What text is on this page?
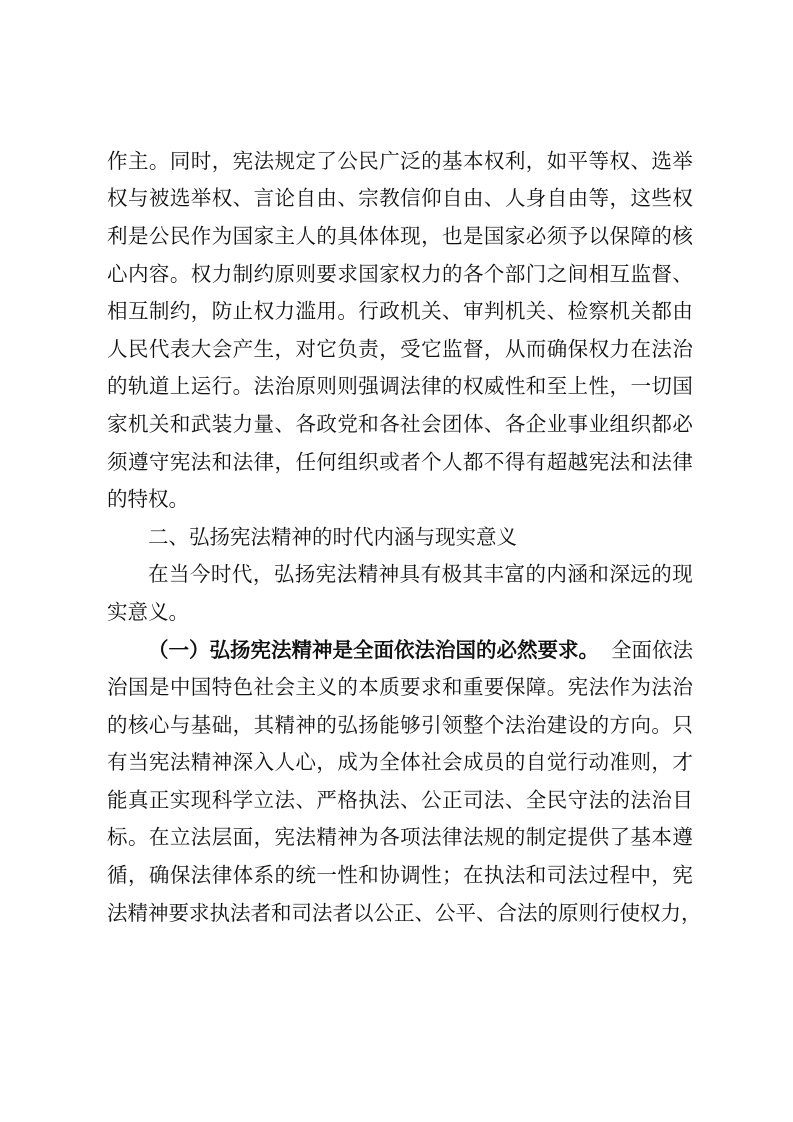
作 主 。 同 时 ， 宪 法 规 定 了 公 民 广 泛 的 基 本 权 利 ， 如 平 等 权 、 选 举
权 与 被 选 举 权 、 言 论 自 由 、 宗 教 信 仰 自 由 、 人 身 自 由 等 ， 这 些 权
利 是 公 民 作 为 国 家 主 人 的 具 体 体 现 ， 也 是 国 家 必 须 予 以 保 障 的 核
心 内 容 。 权 力 制 约 原 则 要 求 国 家 权 力 的 各 个 部 门 之 间 相 互 监 督 、
相 互 制 约 ， 防 止 权 力 滥 用 。 行 政 机 关 、 审 判 机 关 、 检 察 机 关 都 由
人 民 代 表 大 会 产 生 ， 对 它 负 责 ， 受 它 监 督 ， 从 而 确 保 权 力 在 法 治
的 轨 道 上 运 行 。 法 治 原 则 则 强 调 法 律 的 权 威 性 和 至 上 性 ， 一 切 国
家 机 关 和 武 装 力 量 、 各 政 党 和 各 社 会 团 体 、 各 企 业 事 业 组 织 都 必
须 遵 守 宪 法 和 法 律 ， 任 何 组 织 或 者 个 人 都 不 得 有 超 越 宪 法 和 法 律
的特权。
二、弘扬宪法精神的时代内涵与现实意义
在 当 今 时 代 ， 弘 扬 宪 法 精 神 具 有 极 其 丰 富 的 内 涵 和 深 远 的 现
实意义。
（一）弘扬宪法精神是全面依法治国的必然要求。 全面依法
治 国 是 中 国 特 色 社 会 主 义 的 本 质 要 求 和 重 要 保 障 。 宪 法 作 为 法 治
的 核 心 与 基 础 ， 其 精 神 的 弘 扬 能 够 引 领 整 个 法 治 建 设 的 方 向 。 只
有 当 宪 法 精 神 深 入 人 心 ， 成 为 全 体 社 会 成 员 的 自 觉 行 动 准 则 ， 才
能 真 正 实 现 科 学 立 法 、 严 格 执 法 、 公 正 司 法 、 全 民 守 法 的 法 治 目
标 。 在 立 法 层 面 ， 宪 法 精 神 为 各 项 法 律 法 规 的 制 定 提 供 了 基 本 遵
循 ， 确 保 法 律 体 系 的 统 一 性 和 协 调 性 ； 在 执 法 和 司 法 过 程 中 ， 宪
法 精 神 要 求 执 法 者 和 司 法 者 以 公 正 、 公 平 、 合 法 的 原 则 行 使 权 力 ，
